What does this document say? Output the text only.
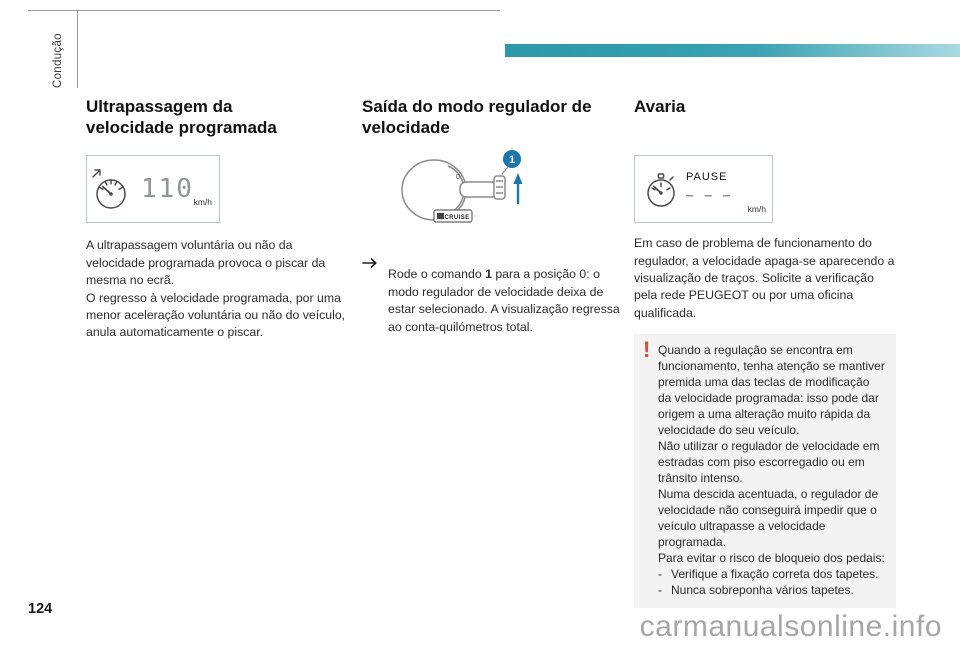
Condução
Ultrapassagem da velocidade programada
110 km/h

A ultrapassagem voluntária ou não da velocidade programada provoca o piscar da mesma no ecrã.

O regresso à velocidade programada, por uma menor aceleração voluntária ou não do veículo, anula automaticamente o piscar.

Saída do modo regulador de velocidade
0
1
CRUISE

Rode o comando 1 para a posição 0: o modo regulador de velocidade deixa de estar selecionado. A visualização regressa ao conta-quilómetros total.

Avaria
PAUSE
– – –
km/h

Em caso de problema de funcionamento do regulador, a velocidade apaga-se aparecendo a visualização de traços. Solicite a verificação pela rede PEUGEOT ou por uma oficina qualificada.

! Quando a regulação se encontra em funcionamento, tenha atenção se mantiver premida uma das teclas de modificação da velocidade programada: isso pode dar origem a uma alteração muito rápida da velocidade do seu veículo.

Não utilizar o regulador de velocidade em estradas com piso escorregadio ou em trânsito intenso.

Numa descida acentuada, o regulador de velocidade não conseguirá impedir que o veículo ultrapasse a velocidade programada.

Para evitar o risco de bloqueio dos pedais:

- Verifique a fixação correta dos tapetes.
- Nunca sobreponha vários tapetes.
124
carmanualsonline.info
